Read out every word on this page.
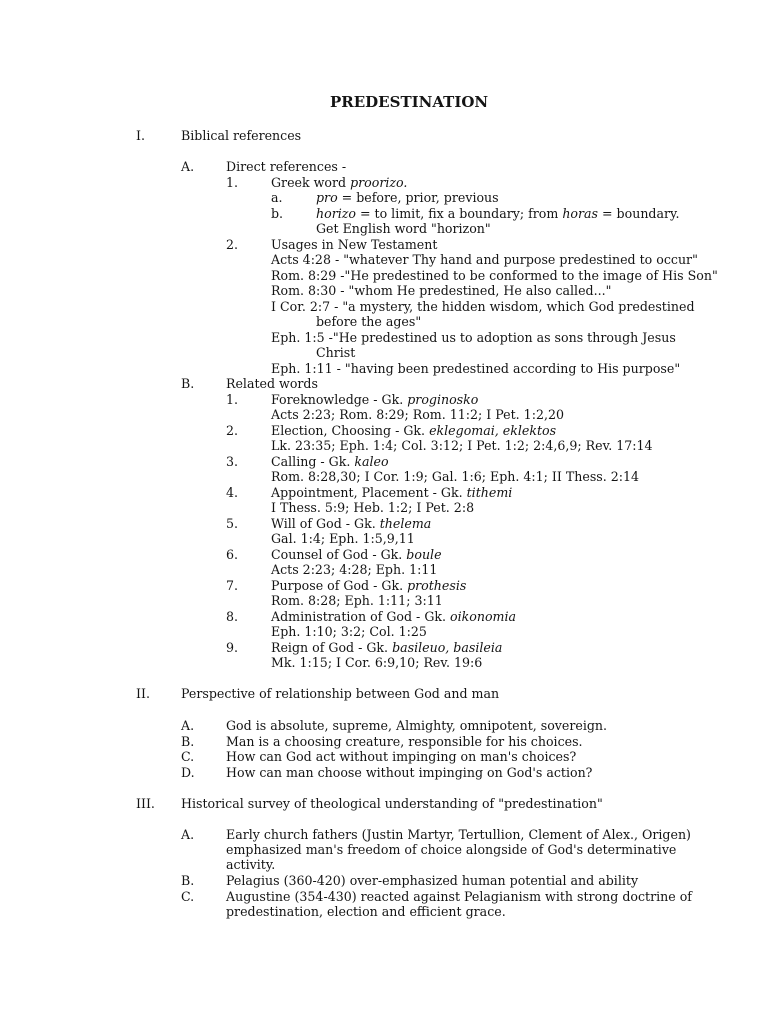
PREDESTINATION
I.	Biblical references
A.	Direct references -
1.	Greek word proorizo.
a.	pro = before, prior, previous
b.	horizo = to limit, fix a boundary; from horas = boundary.
Get English word "horizon"
2.	Usages in New Testament
Acts 4:28 - "whatever Thy hand and purpose predestined to occur"
Rom. 8:29 -"He predestined to be conformed to the image of His Son"
Rom. 8:30 - "whom He predestined, He also called..."
I Cor. 2:7 - "a mystery, the hidden wisdom, which God predestined
before the ages"
Eph. 1:5 -"He predestined us to adoption as sons through Jesus
Christ
Eph. 1:11 - "having been predestined according to His purpose"
B.	Related words
1.	Foreknowledge - Gk. proginosko
Acts 2:23; Rom. 8:29; Rom. 11:2; I Pet. 1:2,20
2.	Election, Choosing - Gk. eklegomai, eklektos
Lk. 23:35; Eph. 1:4; Col. 3:12; I Pet. 1:2; 2:4,6,9; Rev. 17:14
3.	Calling - Gk. kaleo
Rom. 8:28,30; I Cor. 1:9; Gal. 1:6; Eph. 4:1; II Thess. 2:14
4.	Appointment, Placement - Gk. tithemi
I Thess. 5:9; Heb. 1:2; I Pet. 2:8
5.	Will of God - Gk. thelema
Gal. 1:4; Eph. 1:5,9,11
6.	Counsel of God - Gk. boule
Acts 2:23; 4:28; Eph. 1:11
7.	Purpose of God - Gk. prothesis
Rom. 8:28; Eph. 1:11; 3:11
8.	Administration of God - Gk. oikonomia
Eph. 1:10; 3:2; Col. 1:25
9.	Reign of God - Gk. basileuo, basileia
Mk. 1:15; I Cor. 6:9,10; Rev. 19:6
II. Perspective of relationship between God and man
A.	God is absolute, supreme, Almighty, omnipotent, sovereign.
B.	Man is a choosing creature, responsible for his choices.
C.	How can God act without impinging on man's choices?
D. How can man choose without impinging on God's action?
III. Historical survey of theological understanding of "predestination"
A.	Early church fathers (Justin Martyr, Tertullion, Clement of Alex., Origen)
emphasized man's freedom of choice alongside of God's determinative
activity.
B.	Pelagius (360-420) over-emphasized human potential and ability
C.	Augustine (354-430) reacted against Pelagianism with strong doctrine of
predestination, election and efficient grace.
